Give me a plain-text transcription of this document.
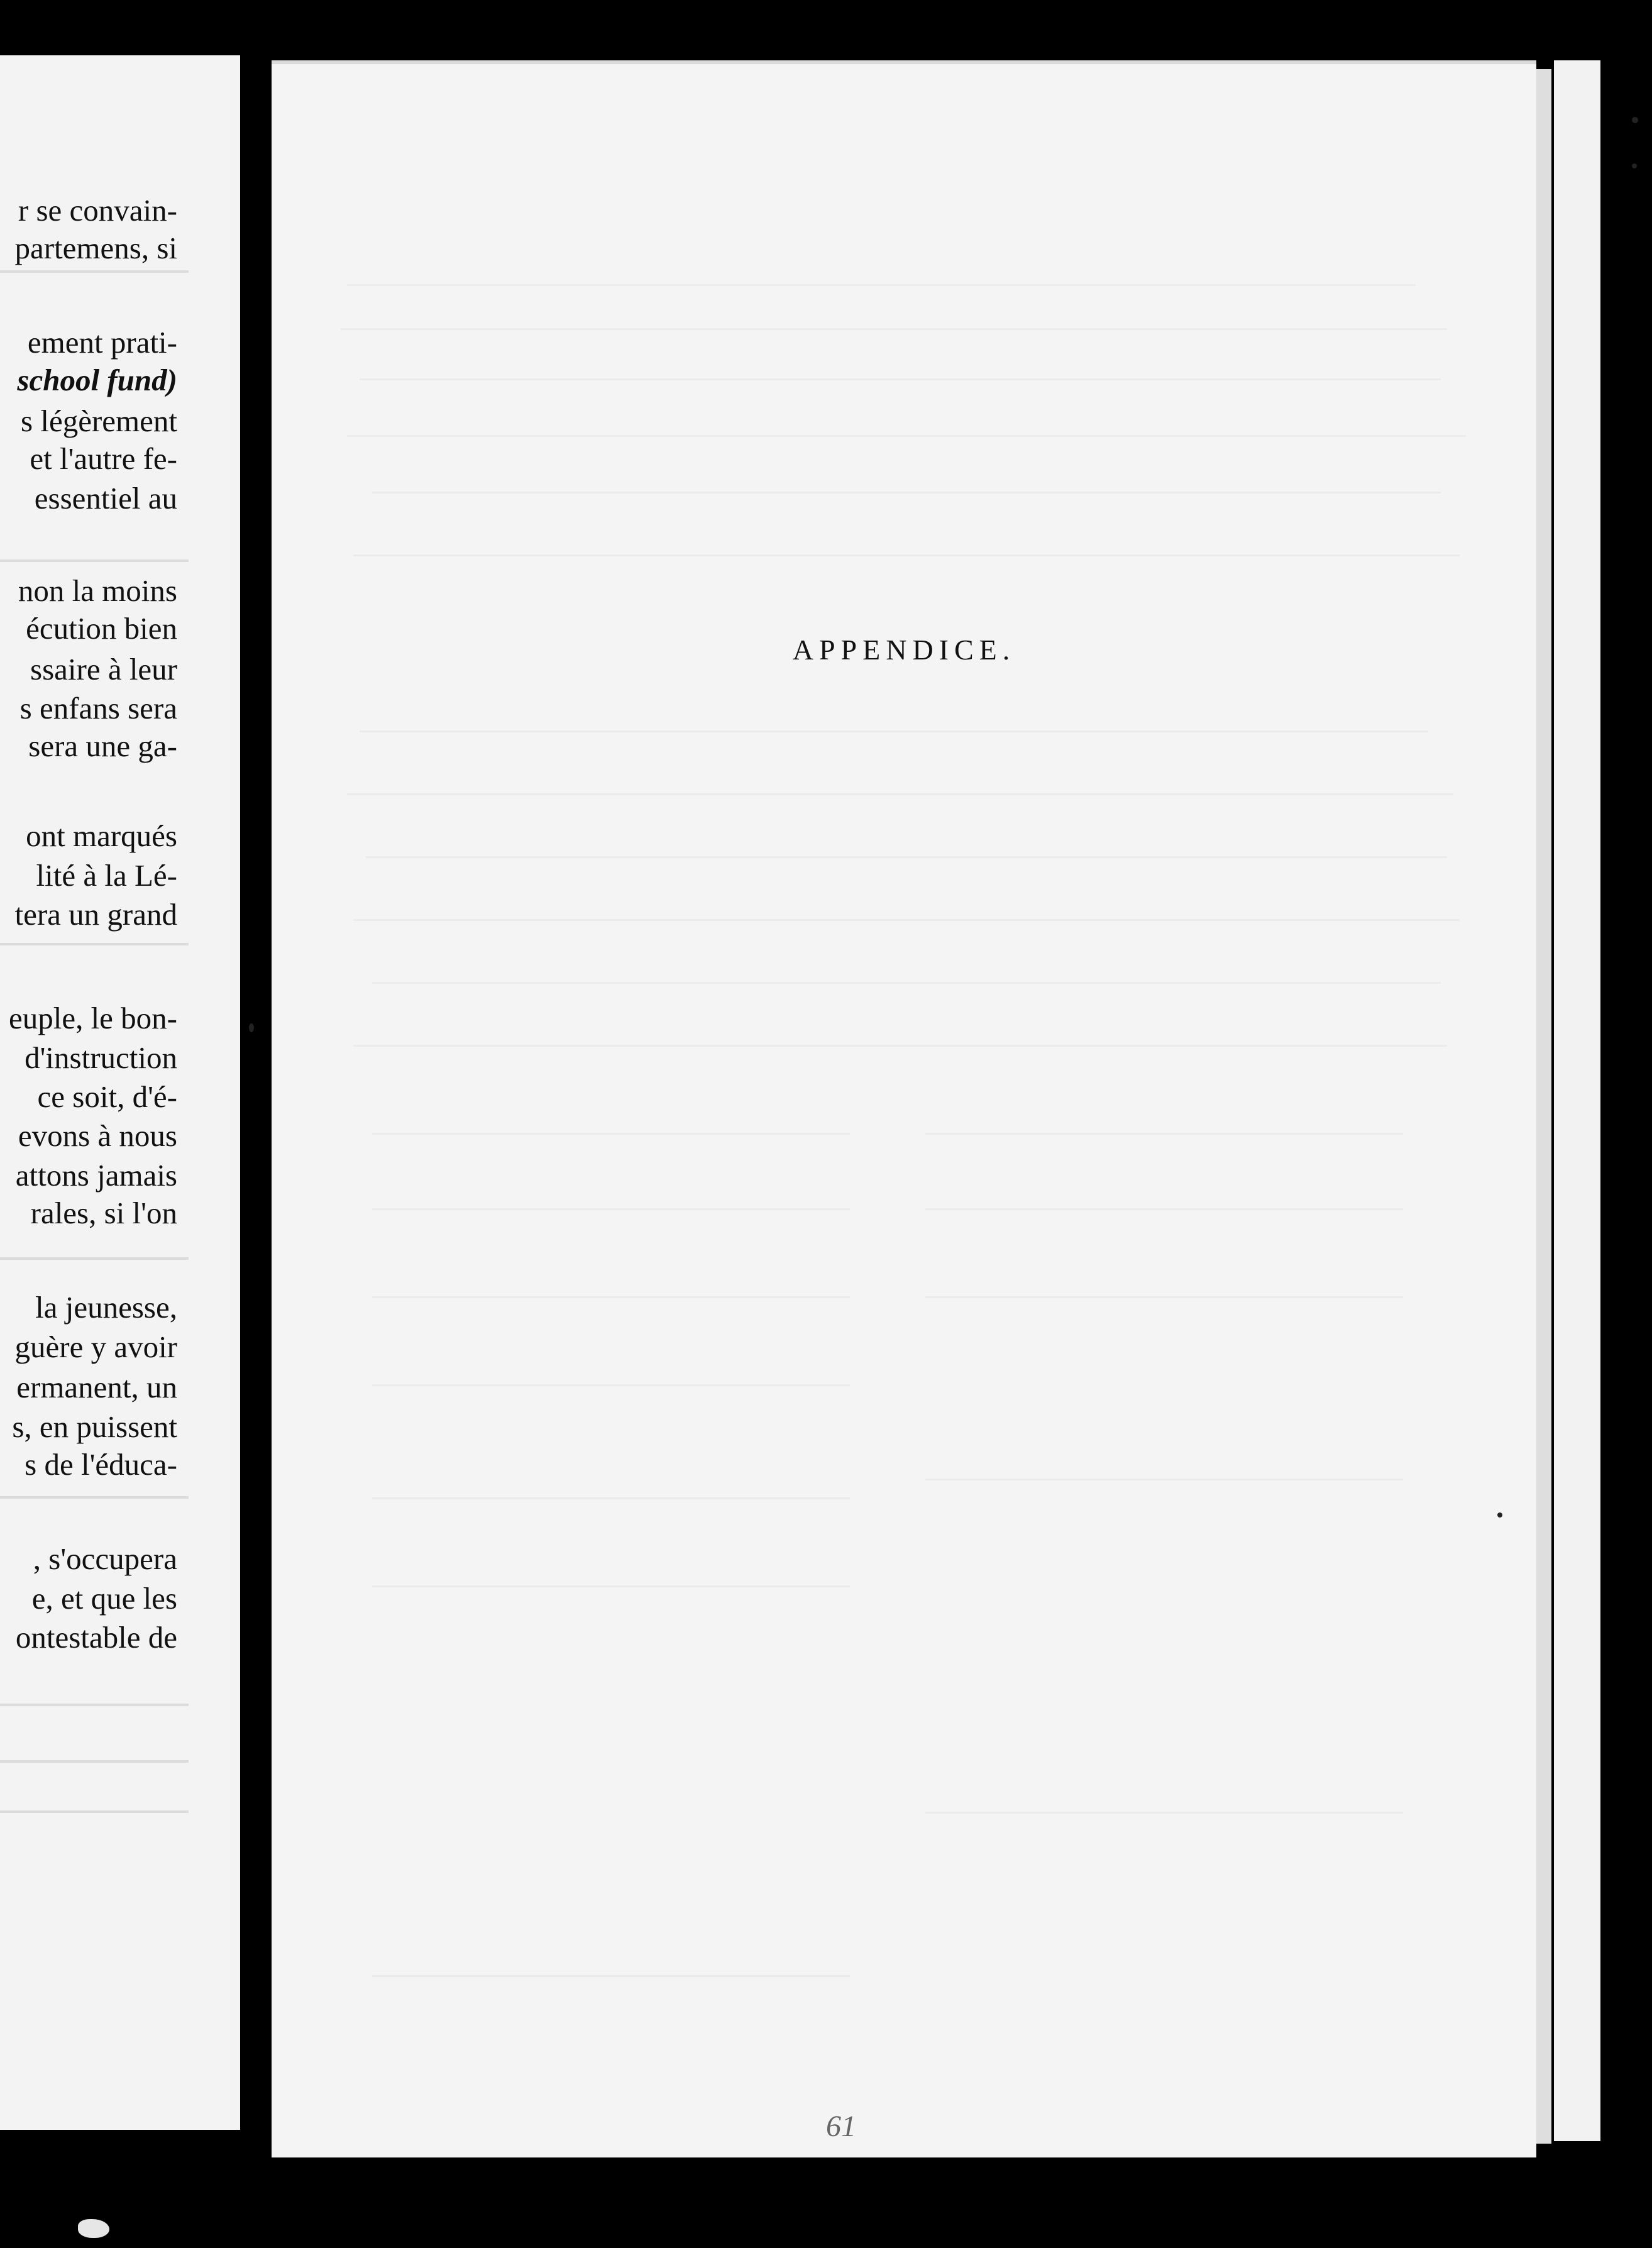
r se convain-
partemens, si
ement prati-
school fund)
s légèrement
et l'autre fe-
essentiel au
non la moins
écution bien
ssaire à leur
s enfans sera
sera une ga-
ont marqués
lité à la Lé-
tera un grand
euple, le bon-
d'instruction
ce soit, d'é-
evons à nous
attons jamais
rales, si l'on
la jeunesse,
guère y avoir
ermanent, un
s, en puissent
s de l'éduca-
, s'occupera
e, et que les
ontestable de
APPENDICE.
61
